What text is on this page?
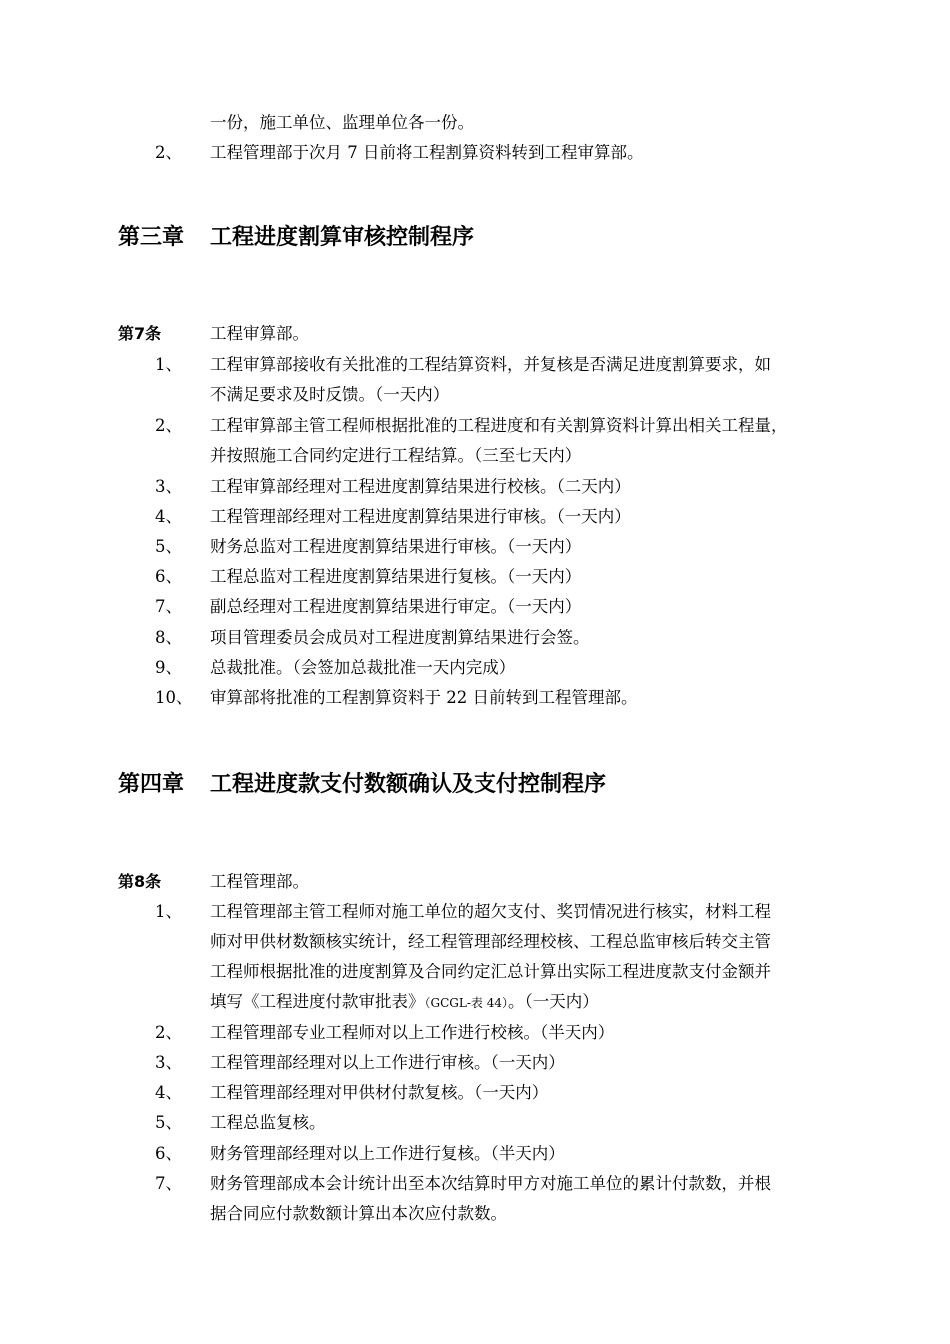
一份，施工单位、监理单位各一份。
2、 工程管理部于次月 7 日前将工程割算资料转到工程审算部。
第三章 工程进度割算审核控制程序
第7条	工程审算部。
1、 工程审算部接收有关批准的工程结算资料，并复核是否满足进度割算要求，如
不满足要求及时反馈。（一天内）
2、 工程审算部主管工程师根据批准的工程进度和有关割算资料计算出相关工程量，
并按照施工合同约定进行工程结算。（三至七天内）
3、 工程审算部经理对工程进度割算结果进行校核。（二天内）
4、 工程管理部经理对工程进度割算结果进行审核。（一天内）
5、 财务总监对工程进度割算结果进行审核。（一天内）
6、 工程总监对工程进度割算结果进行复核。（一天内）
7、 副总经理对工程进度割算结果进行审定。（一天内）
8、 项目管理委员会成员对工程进度割算结果进行会签。
9、 总裁批准。（会签加总裁批准一天内完成）
10、 审算部将批准的工程割算资料于 22 日前转到工程管理部。
第四章 工程进度款支付数额确认及支付控制程序
第8条	工程管理部。
1、 工程管理部主管工程师对施工单位的超欠支付、奖罚情况进行核实，材料工程
师对甲供材数额核实统计，经工程管理部经理校核、工程总监审核后转交主管
工程师根据批准的进度割算及合同约定汇总计算出实际工程进度款支付金额并
填写《工程进度付款审批表》（GCGL-表 44）。（一天内）
2、 工程管理部专业工程师对以上工作进行校核。（半天内）
3、 工程管理部经理对以上工作进行审核。（一天内）
4、 工程管理部经理对甲供材付款复核。（一天内）
5、 工程总监复核。
6、 财务管理部经理对以上工作进行复核。（半天内）
7、 财务管理部成本会计统计出至本次结算时甲方对施工单位的累计付款数，并根
据合同应付款数额计算出本次应付款数。
